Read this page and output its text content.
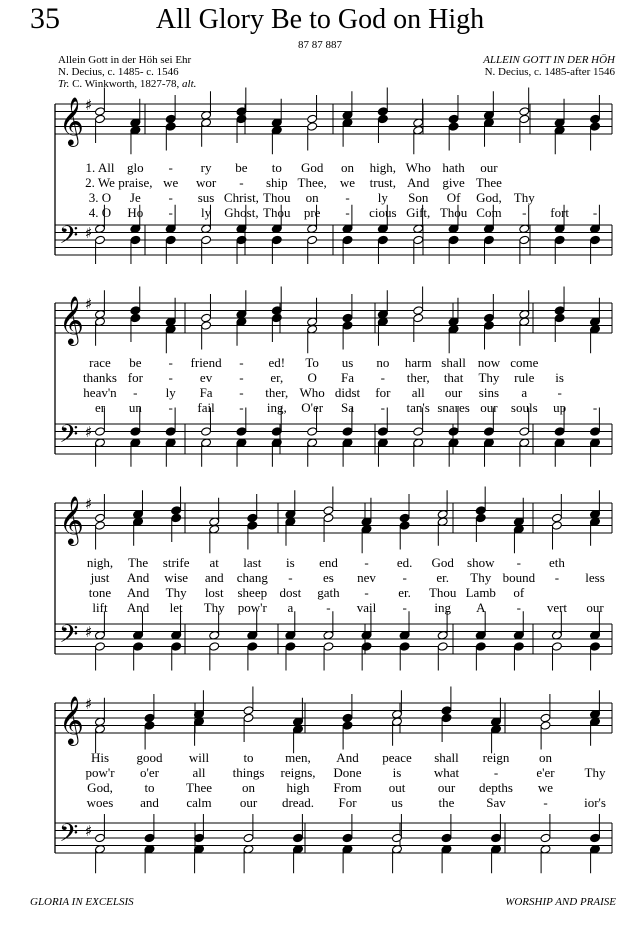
35	All Glory Be to God on High
87 87 887
Allein Gott in der Höh sei Ehr
N. Decius, c. 1485- c. 1546
Tr. C. Winkworth, 1827-78, alt.
ALLEIN GOTT IN DER HÖH
N. Decius, c. 1485-after 1546
𝄞
𝄢
♯
♯
𝄞
𝄢
♯
♯
𝄞
𝄢
♯
♯
𝄞
𝄢
♯
♯
1. All glo - ry be to God on high, Who hath our
2. We praise, we wor - ship Thee, we trust, And give Thee
3. O Je - sus Christ, Thou on - ly Son Of God, Thy
4. O Ho - ly Ghost, Thou pre - cious Gift, Thou Com - fort -
race be - friend - ed! To us no harm shall now come
thanks for - ev - er, O Fa - ther, that Thy rule is
heav'n - ly Fa - ther, Who didst for all our sins a -
er un - fail - ing, O'er Sa - tan's snares our souls up -
nigh, The strife at last is end - ed. God show - eth
just And wise and chang - es nev - er. Thy bound - less
tone And Thy lost sheep dost gath - er. Thou Lamb of
lift And let Thy pow'r a	- vail - ing A - vert our
His good will	to men, And peace shall reign on
pow'r o'er	all things reigns, Done is	what	-	e'er Thy
God, to Thee on high From out	our depths we
woes and calm our dread. For	us	the Sav	-	ior's
GLORIA IN EXCELSIS	WORSHIP AND PRAISE
